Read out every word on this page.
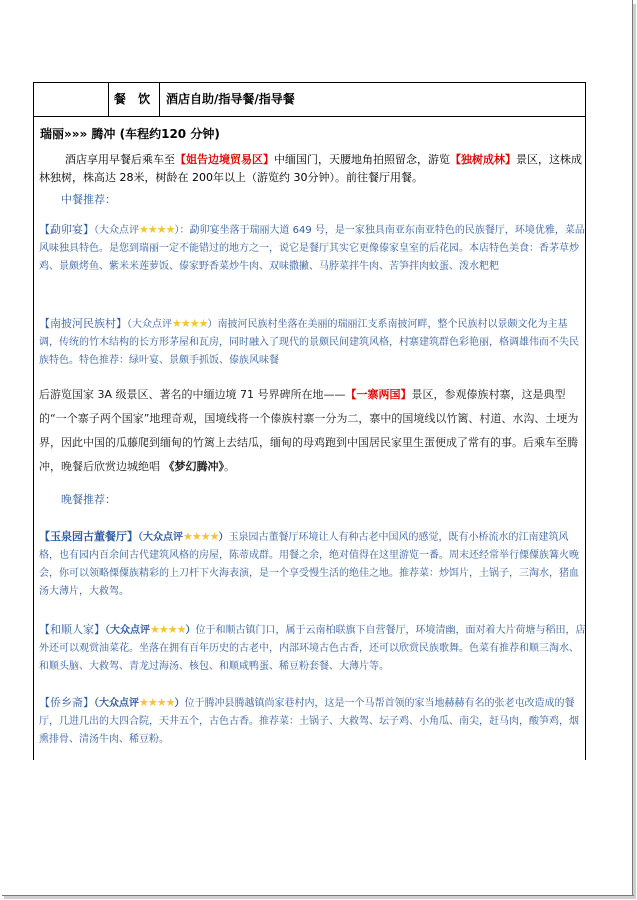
餐 饮 酒店自助/指导餐/指导餐
瑞丽»»» 腾冲 (车程约120 分钟)
酒店享用早餐后乘车至【姐告边境贸易区】中缅国门，天腰地角拍照留念，游览【独树成林】景区，这株成林独树，株高达 28米，树龄在 200年以上（游览约 30分钟）。前往餐厅用餐。
中餐推荐：
【勐卯宴】（大众点评★★★★）：勐卯宴坐落于瑞丽大道 649 号，是一家独具南亚东南亚特色的民族餐厅，环境优雅，菜品风味独具特色。是您到瑞丽一定不能错过的地方之一，说它是餐厅其实它更像傣家皇室的后花园。本店特色美食：香茅草炒鸡、景颇烤鱼、紫米米莲萝饭、傣家野香菜炒牛肉、双味撒撇、马脖菜拌牛肉、苦笋拌肉蚊蛋、泼水粑粑
【南披河民族村】（大众点评★★★★）南披河民族村坐落在美丽的瑞丽江支系南披河畔，整个民族村以景颇文化为主基调，传统的竹木结构的长方形茅屋和瓦房，同时融入了现代的景颇民间建筑风格，村寨建筑群色彩艳丽，格调雄伟而不失民族特色。特色推荐：绿叶宴、景颇手抓饭、傣族风味餐
后游览国家 3A 级景区、著名的中缅边境 71 号界碑所在地——【一寨两国】景区，参观傣族村寨，这是典型的“一个寨子两个国家”地理奇观，国境线将一个傣族村寨一分为二，寨中的国境线以竹篱、村道、水沟、土埂为界，因此中国的瓜藤爬到缅甸的竹篱上去结瓜，缅甸的母鸡跑到中国居民家里生蛋便成了常有的事。后乘车至腾冲，晚餐后欣赏边城绝唱 《梦幻腾冲》。
晚餐推荐：
【玉泉园古董餐厅】（大众点评★★★★）玉泉园古董餐厅环境让人有种古老中国风的感觉，既有小桥流水的江南建筑风格，也有园内百余间古代建筑风格的房屋，陈蒂成群。用餐之余，绝对值得在这里游览一番。周末还经常举行傈僳族篝火晚会，你可以领略傈僳族精彩的上刀杆下火海表演，是一个享受慢生活的绝佳之地。推荐菜：炒饵片，土锅子，三淘水，猪血汤大薄片，大救驾。
【和顺人家】（大众点评★★★★）位于和顺古镇门口，属于云南柏联旗下自营餐厅，环境清幽，面对着大片荷塘与稻田，店外还可以观赏油菜花。坐落在拥有百年历史的古老中，内部环境古色古香，还可以欣赏民族歌舞。色菜有推荐和顺三淘水、和顺头脑、大救驾、青龙过海汤、核包、和顺咸鸭蛋、稀豆粉套餐、大薄片等。
【侨乡斋】（大众点评★★★★）位于腾冲县腾越镇尚家巷村内，这是一个马帮首领的家当地赫赫有名的张老屯改造成的餐厅，几进几出的大四合院，天井五个，古色古香。推荐菜：土锅子、大救驾、坛子鸡、小角瓜、南尖，赶马肉，酸笋鸡，烟熏排骨、清汤牛肉、稀豆粉。
